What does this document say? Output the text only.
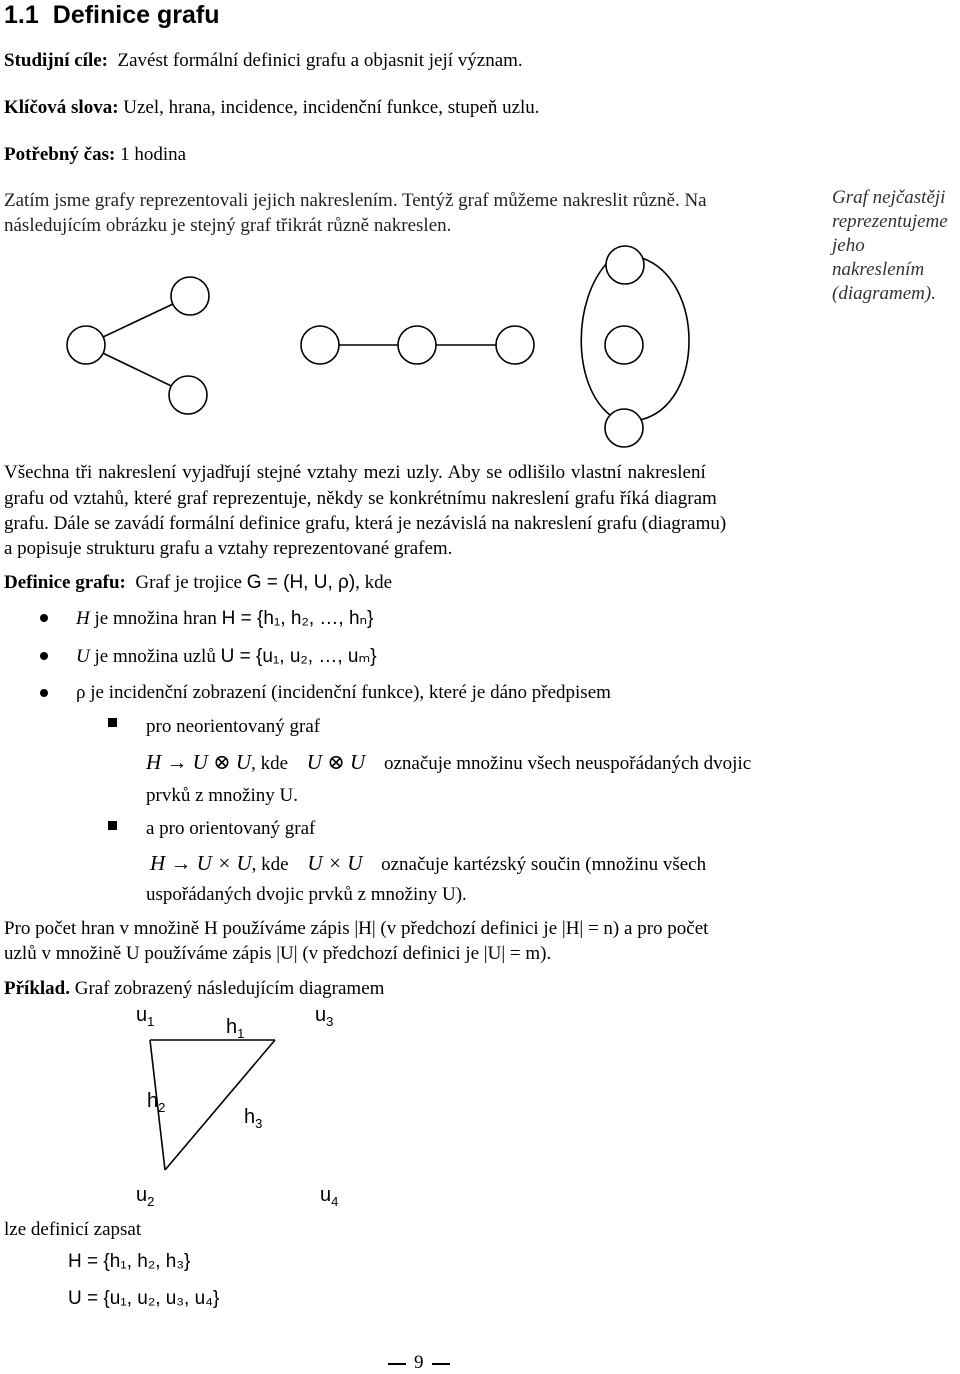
1.1 Definice grafu
Studijní cíle: Zavést formální definici grafu a objasnit její význam.
Klíčová slova: Uzel, hrana, incidence, incidenční funkce, stupeň uzlu.
Potřebný čas: 1 hodina
Zatím jsme grafy reprezentovali jejich nakreslením. Tentýž graf můžeme nakreslit různě. Na
následujícím obrázku je stejný graf třikrát různě nakreslen.
Graf nejčastěji reprezentujeme jeho nakreslením (diagramem).
Všechna tři nakreslení vyjadřují stejné vztahy mezi uzly. Aby se odlišilo vlastní nakreslení
grafu od vztahů, které graf reprezentuje, někdy se konkrétnímu nakreslení grafu říká diagram
grafu. Dále se zavádí formální definice grafu, která je nezávislá na nakreslení grafu (diagramu)
a popisuje strukturu grafu a vztahy reprezentované grafem.
Definice grafu: Graf je trojice G = (H, U, ρ), kde
H je množina hran H = {h₁, h₂, …, hₙ}
U je množina uzlů U = {u₁, u₂, …, uₘ}
ρ je incidenční zobrazení (incidenční funkce), které je dáno předpisem
pro neorientovaný graf
H → U ⊗ U, kde U ⊗ U označuje množinu všech neuspořádaných dvojic
prvků z množiny U.
a pro orientovaný graf
H → U × U, kde U × U označuje kartézský součin (množinu všech
uspořádaných dvojic prvků z množiny U).
Pro počet hran v množině H používáme zápis |H| (v předchozí definici je |H| = n) a pro počet
uzlů v množině U používáme zápis |U| (v předchozí definici je |U| = m).
Příklad. Graf zobrazený následujícím diagramem
$u_1$	$h_1$
$u_3$
$h_2$	$h_3$
$u_2$	$u_4$
lze definicí zapsat
H = {h₁, h₂, h₃}
U = {u₁, u₂, u₃, u₄}
9
